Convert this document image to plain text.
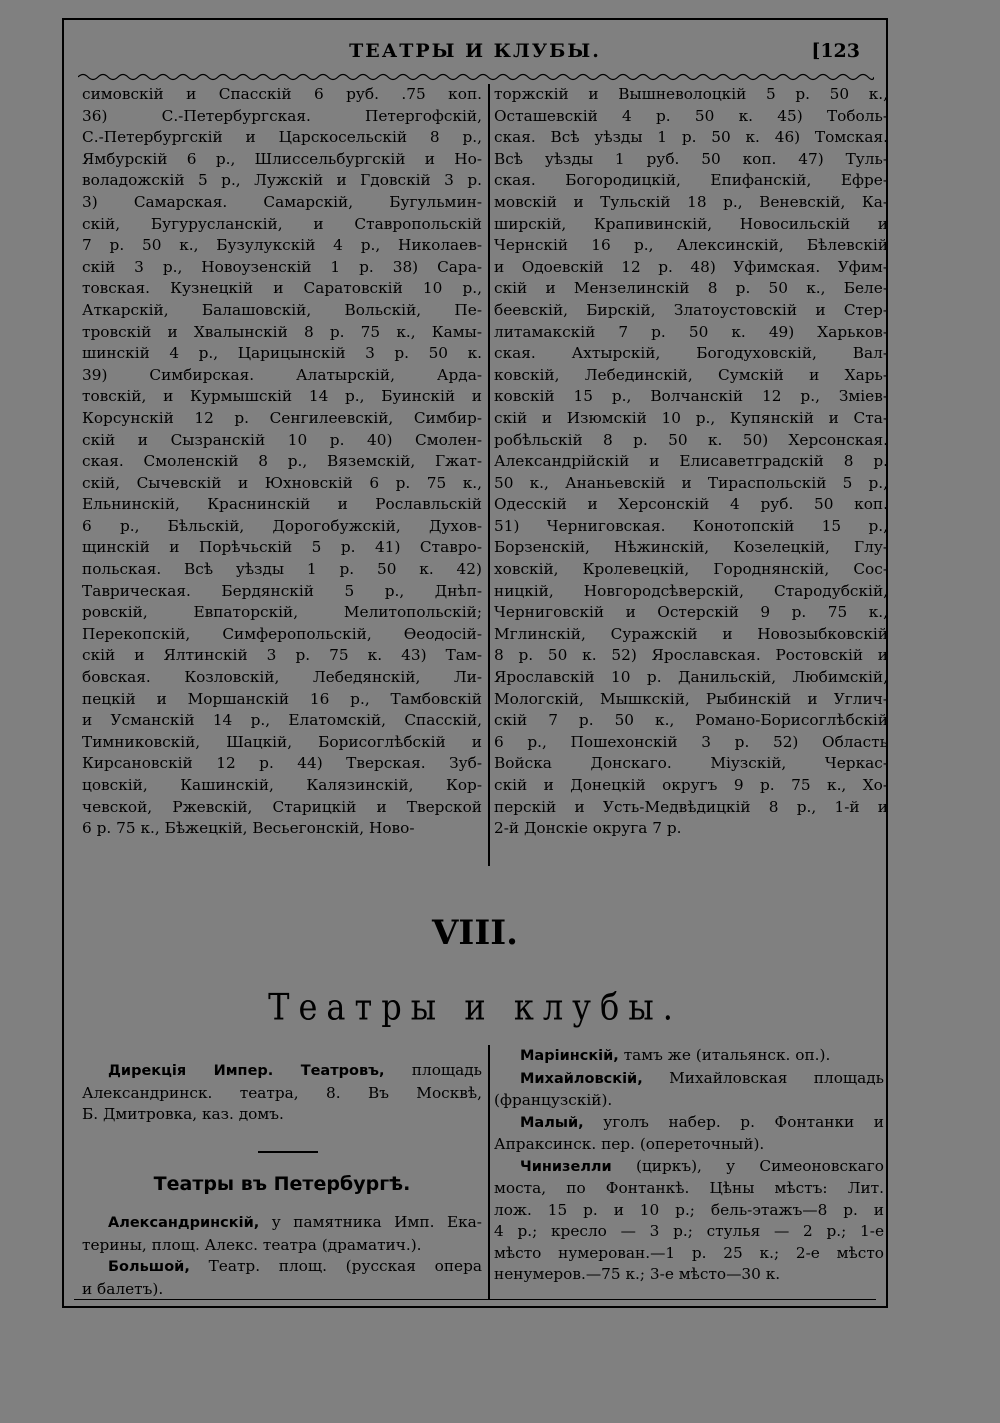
ТЕАТРЫ И КЛУБЫ.	[123
симовскій и Спасскій 6 руб. .75 коп.
36) С.-Петербургская. Петергофскій,
С.-Петербургскій и Царскосельскій 8 р.,
Ямбурскій 6 р., Шлиссельбургскій и Но-
воладожскій 5 р., Лужскій и Гдовскій 3 р.
3) Самарская. Самарскій, Бугульмин-
скій, Бугурусланскій, и Ставропольскій
7 р. 50 к., Бузулукскій 4 р., Николаев-
скій 3 р., Новоузенскій 1 р. 38) Сара-
товская. Кузнецкій и Саратовскій 10 р.,
Аткарскій, Балашовскій, Вольскій, Пе-
тровскій и Хвалынскій 8 р. 75 к., Камы-
шинскій 4 р., Царицынскій 3 р. 50 к.
39) Симбирская. Алатырскій, Арда-
товскій, и Курмышскій 14 р., Буинскій и
Корсунскій 12 р. Сенгилеевскій, Симбир-
скій и Сызранскій 10 р. 40) Смолен-
ская. Смоленскій 8 р., Вяземскій, Гжат-
скій, Сычевскій и Юхновскій 6 р. 75 к.,
Ельнинскій, Краснинскій и Рославльскій
6 р., Бѣльскій, Дорогобужскій, Духов-
щинскій и Порѣчьскій 5 р. 41) Ставро-
польская. Всѣ уѣзды 1 р. 50 к. 42)
Таврическая. Бердянскій 5 р., Днѣп-
ровскій, Евпаторскій, Мелитопольскій;
Перекопскій, Симферопольскій, Ѳеодосій-
скій и Ялтинскій 3 р. 75 к. 43) Там-
бовская. Козловскій, Лебедянскій, Ли-
пецкій и Моршанскій 16 р., Тамбовскій
и Усманскій 14 р., Елатомскій, Спасскій,
Тимниковскій, Шацкій, Борисоглѣбскій и
Кирсановскій 12 р. 44) Тверская. Зуб-
цовскій, Кашинскій, Калязинскій, Кор-
чевской, Ржевскій, Старицкій и Тверской
6 р. 75 к., Бѣжецкій, Весьегонскій, Ново-
торжскій и Вышневолоцкій 5 р. 50 к.,
Осташевскій 4 р. 50 к. 45) Тоболь-
ская. Всѣ уѣзды 1 р. 50 к. 46) Томская.
Всѣ уѣзды 1 руб. 50 коп. 47) Туль-
ская. Богородицкій, Епифанскій, Ефре-
мовскій и Тульскій 18 р., Веневскій, Ка-
ширскій, Крапивинскій, Новосильскій и
Чернскій 16 р., Алексинскій, Бѣлевскій
и Одоевскій 12 р. 48) Уфимская. Уфим-
скій и Мензелинскій 8 р. 50 к., Беле-
беевскій, Бирскій, Златоустовскій и Стер-
литамакскій 7 р. 50 к. 49) Харьков-
ская. Ахтырскій, Богодуховскій, Вал-
ковскій, Лебединскій, Сумскій и Харь-
ковскій 15 р., Волчанскій 12 р., Змiев-
скій и Изюмскій 10 р., Купянскій и Ста-
робѣльскій 8 р. 50 к. 50) Херсонская.
Александрійскій и Елисаветградскій 8 р.
50 к., Ананьевскій и Тираспольскій 5 р.,
Одесскій и Херсонскій 4 руб. 50 коп.
51) Черниговская. Конотопскій 15 р.,
Борзенскій, Нѣжинскій, Козелецкій, Глу-
ховскій, Кролевецкій, Городнянскій, Сос-
ницкій, Новгородсѣверскій, Стародубскій,
Черниговскій и Остерскій 9 р. 75 к.,
Мглинскій, Суражскій и Новозыбковскій
8 р. 50 к. 52) Ярославская. Ростовскій и
Ярославскій 10 р. Данильскій, Любимскій,
Мологскій, Мышкскій, Рыбинскій и Углич-
скій 7 р. 50 к., Романо-Борисоглѣбскій
6 р., Пошехонскій 3 р. 52) Область
Войска Донскаго. Міузскій, Черкас-
скій и Донецкій округъ 9 р. 75 к., Хо-
перскій и Усть-Медвѣдицкій 8 р., 1-й и
2-й Донскіе округа 7 р.
VIII.
Театры и клубы.
Дирекція Импер. Театровъ, площадь
Александринск. театра, 8. Въ Москвѣ,
Б. Дмитровка, каз. домъ.
Театры въ Петербургѣ.
Александринскій, у памятника Имп. Ека-
терины, площ. Алекс. театра (драматич.).
Большой, Театр. площ. (русская опера
и балетъ).
Маріинскій, тамъ же (итальянск. оп.).
Михайловскій, Михайловская площадь
(французскій).
Малый, уголъ набер. р. Фонтанки и
Апраксинск. пер. (опереточный).
Чинизелли (циркъ), у Симеоновскаго
моста, по Фонтанкѣ. Цѣны мѣстъ: Лит.
лож. 15 р. и 10 р.; бель-этажъ—8 р. и
4 р.; кресло — 3 р.; стулья — 2 р.; 1-е
мѣсто нумерован.—1 р. 25 к.; 2-е мѣсто
ненумеров.—75 к.; 3-е мѣсто—30 к.
